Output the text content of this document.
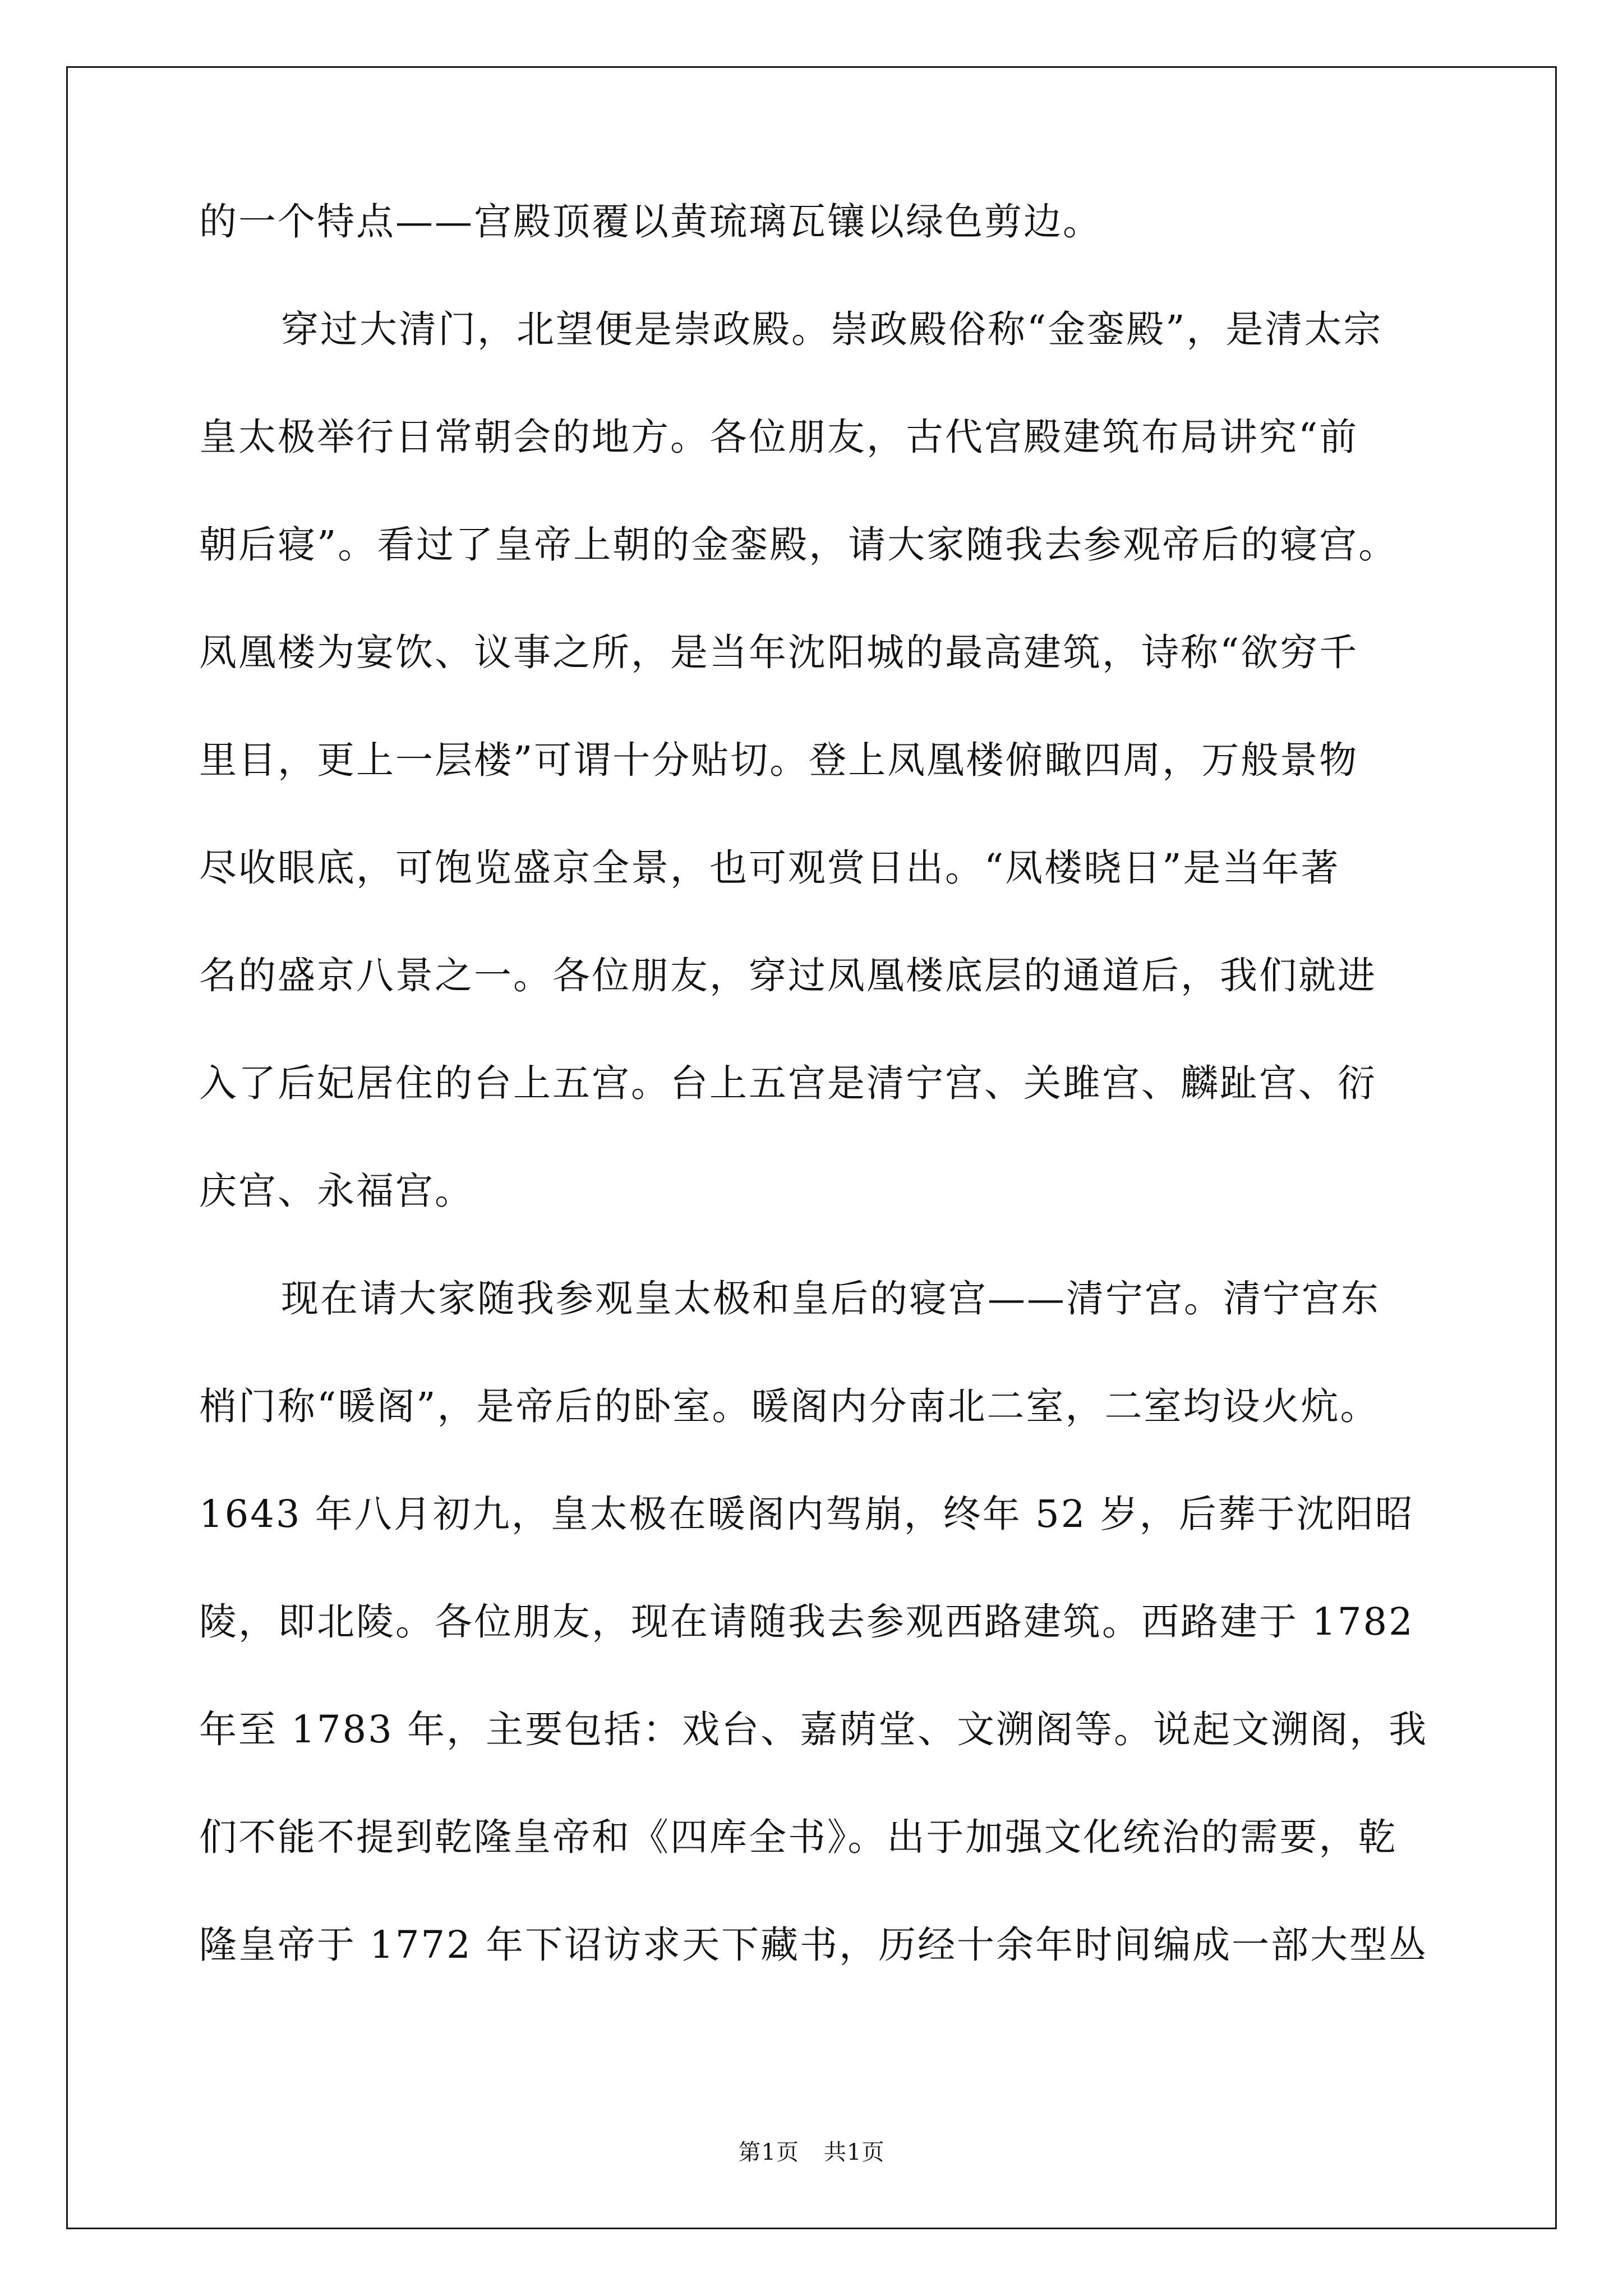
的一个特点——宫殿顶覆以黄琉璃瓦镶以绿色剪边。
穿过大清门，北望便是崇政殿。崇政殿俗称“金銮殿”，是清太宗
皇太极举行日常朝会的地方。各位朋友，古代宫殿建筑布局讲究“前
朝后寝”。看过了皇帝上朝的金銮殿，请大家随我去参观帝后的寝宫。
凤凰楼为宴饮、议事之所，是当年沈阳城的最高建筑，诗称“欲穷千
里目，更上一层楼”可谓十分贴切。登上凤凰楼俯瞰四周，万般景物
尽收眼底，可饱览盛京全景，也可观赏日出。“凤楼晓日”是当年著
名的盛京八景之一。各位朋友，穿过凤凰楼底层的通道后，我们就进
入了后妃居住的台上五宫。台上五宫是清宁宫、关雎宫、麟趾宫、衍
庆宫、永福宫。
现在请大家随我参观皇太极和皇后的寝宫——清宁宫。清宁宫东
梢门称“暖阁”，是帝后的卧室。暖阁内分南北二室，二室均设火炕。
1643 年八月初九，皇太极在暖阁内驾崩，终年 52 岁，后葬于沈阳昭
陵，即北陵。各位朋友，现在请随我去参观西路建筑。西路建于 1782
年至 1783 年，主要包括：戏台、嘉荫堂、文溯阁等。说起文溯阁，我
们不能不提到乾隆皇帝和《四库全书》。出于加强文化统治的需要，乾
隆皇帝于 1772 年下诏访求天下藏书，历经十余年时间编成一部大型丛
第1页 共1页
